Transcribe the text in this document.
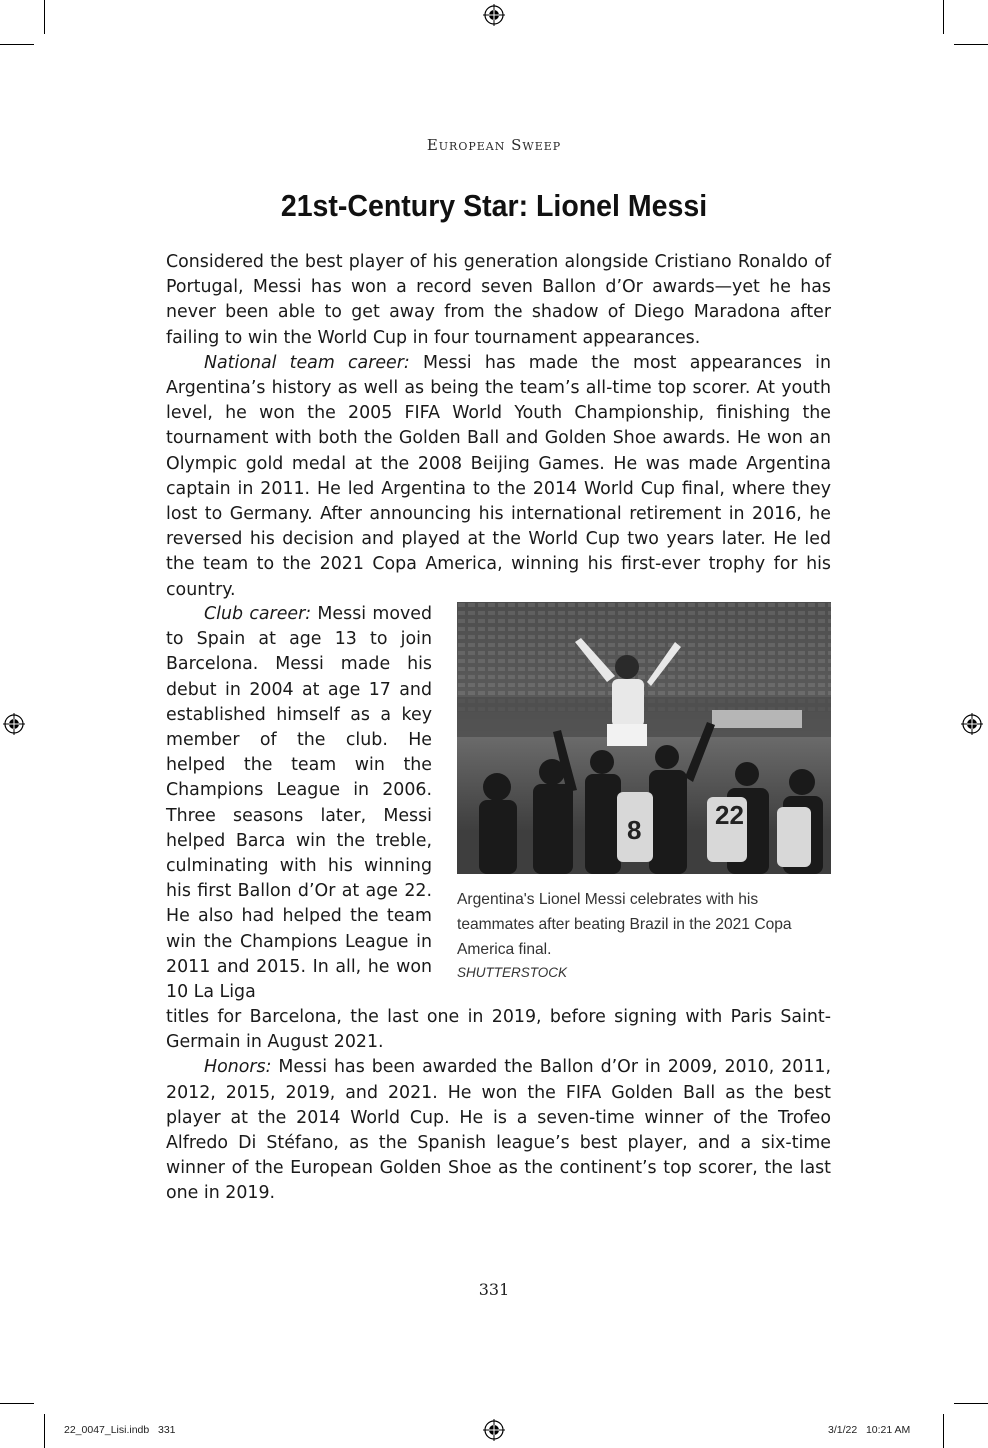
European Sweep
21st-Century Star: Lionel Messi

Considered the best player of his generation alongside Cristiano Ronaldo of Portugal, Messi has won a record seven Ballon d’Or awards—yet he has never been able to get away from the shadow of Diego Maradona after failing to win the World Cup in four tournament appearances.

National team career: Messi has made the most appearances in Argentina’s history as well as being the team’s all-time top scorer. At youth level, he won the 2005 FIFA World Youth Championship, finishing the tournament with both the Golden Ball and Golden Shoe awards. He won an Olympic gold medal at the 2008 Beijing Games. He was made Argentina captain in 2011. He led Argentina to the 2014 World Cup final, where they lost to Germany. After announcing his international retirement in 2016, he reversed his decision and played at the World Cup two years later. He led the team to the 2021 Copa America, winning his first-ever trophy for his country.

Club career: Messi moved to Spain at age 13 to join Barcelona. Messi made his debut in 2004 at age 17 and established himself as a key member of the club. He helped the team win the Champions League in 2006. Three seasons later, Messi helped Barca win the treble, culminating with his winning his first Ballon d’Or at age 22. He also had helped the team win the Champions League in 2011 and 2015. In all, he won 10 La Liga
8	22
Argentina's Lionel Messi celebrates with his teammates after beating Brazil in the 2021 Copa America final.
SHUTTERSTOCK

titles for Barcelona, the last one in 2019, before signing with Paris Saint-Germain in August 2021.

Honors: Messi has been awarded the Ballon d’Or in 2009, 2010, 2011, 2012, 2015, 2019, and 2021. He won the FIFA Golden Ball as the best player at the 2014 World Cup. He is a seven-time winner of the Trofeo Alfredo Di Stéfano, as the Spanish league’s best player, and a six-time winner of the European Golden Shoe as the continent’s top scorer, the last one in 2019.

331
22_0047_Lisi.indb   331	3/1/22   10:21 AM
